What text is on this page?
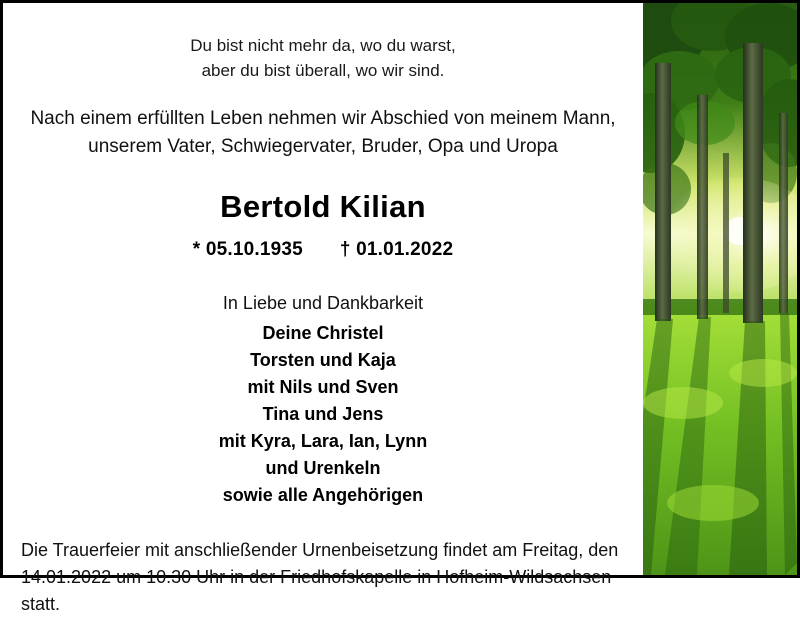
Du bist nicht mehr da, wo du warst,
aber du bist überall, wo wir sind.
Nach einem erfüllten Leben nehmen wir Abschied von meinem Mann,
unserem Vater, Schwiegervater, Bruder, Opa und Uropa
Bertold Kilian
* 05.10.1935 † 01.01.2022
In Liebe und Dankbarkeit
Deine Christel
Torsten und Kaja
mit Nils und Sven
Tina und Jens
mit Kyra, Lara, Ian, Lynn
und Urenkeln
sowie alle Angehörigen
Die Trauerfeier mit anschließender Urnenbeisetzung findet am Freitag, den 14.01.2022 um 10.30 Uhr in der Friedhofskapelle in Hofheim-Wildsachsen statt.
